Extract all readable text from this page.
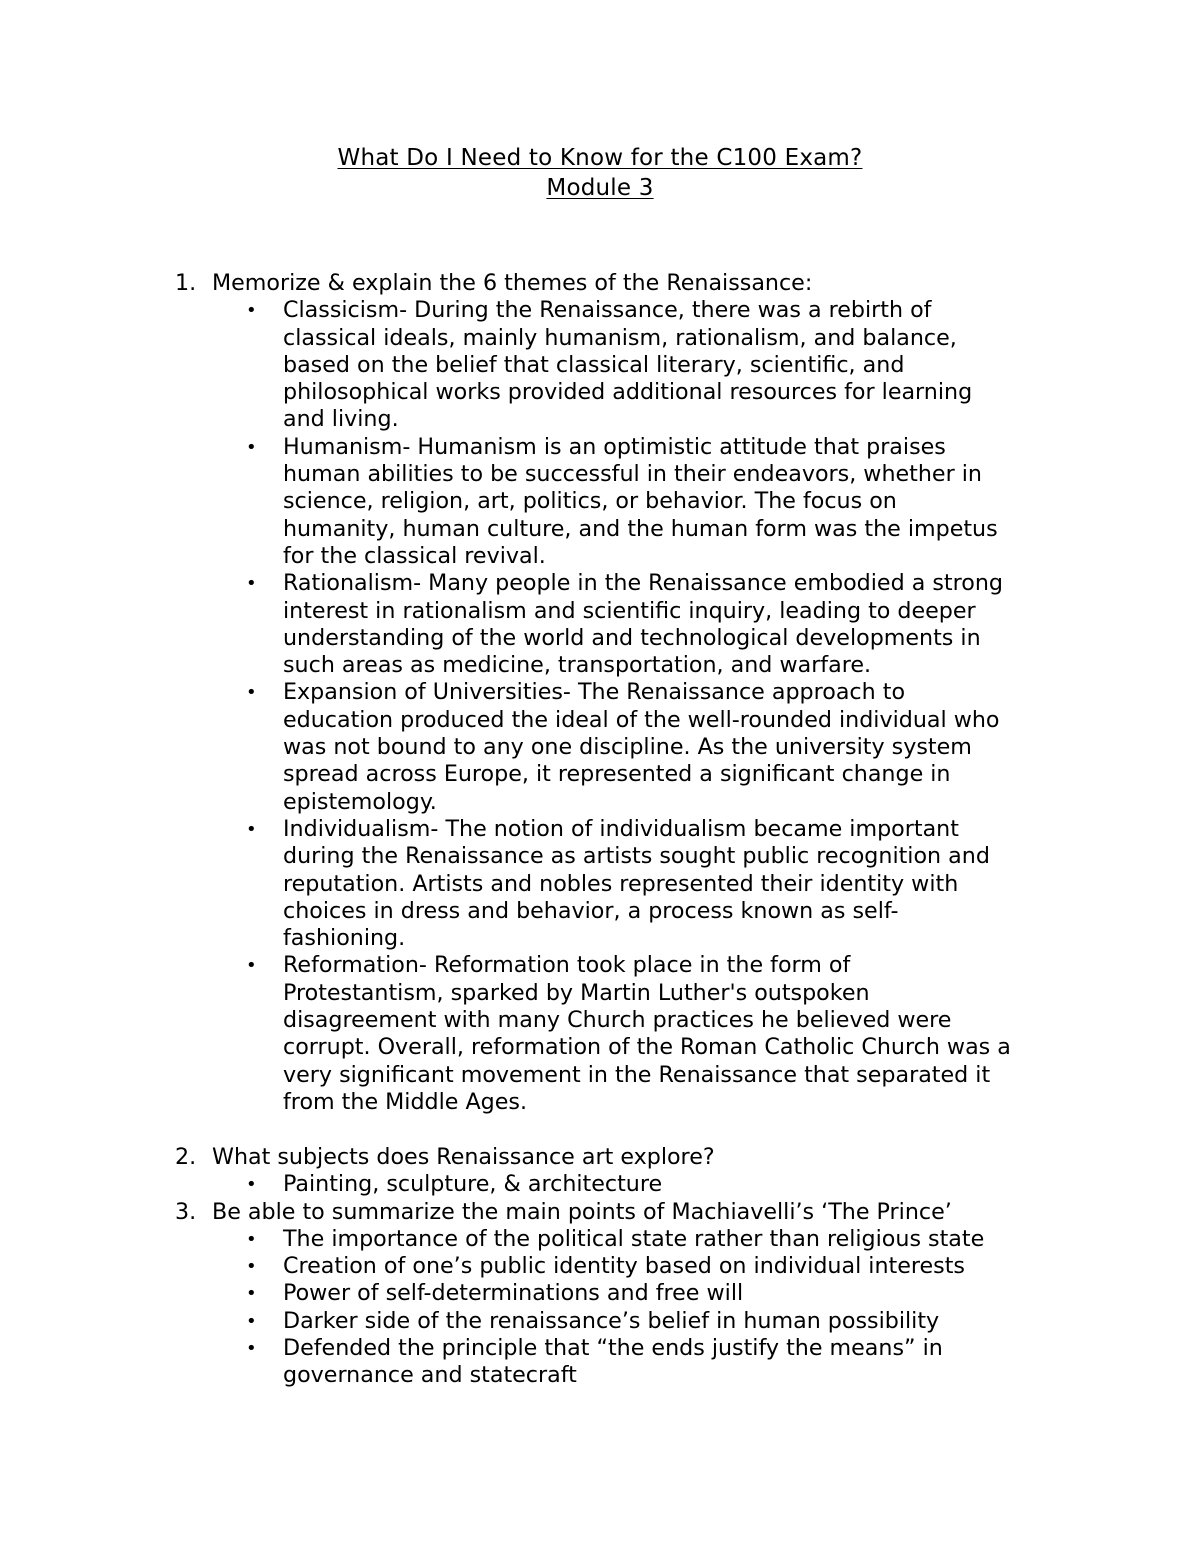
What Do I Need to Know for the C100 Exam?
Module 3
1. Memorize & explain the 6 themes of the Renaissance:
• Classicism- During the Renaissance, there was a rebirth of
classical ideals, mainly humanism, rationalism, and balance,
based on the belief that classical literary, scientific, and
philosophical works provided additional resources for learning
and living.
• Humanism- Humanism is an optimistic attitude that praises
human abilities to be successful in their endeavors, whether in
science, religion, art, politics, or behavior. The focus on
humanity, human culture, and the human form was the impetus
for the classical revival.
• Rationalism- Many people in the Renaissance embodied a strong
interest in rationalism and scientific inquiry, leading to deeper
understanding of the world and technological developments in
such areas as medicine, transportation, and warfare.
• Expansion of Universities- The Renaissance approach to
education produced the ideal of the well-rounded individual who
was not bound to any one discipline. As the university system
spread across Europe, it represented a significant change in
epistemology.
• Individualism- The notion of individualism became important
during the Renaissance as artists sought public recognition and
reputation. Artists and nobles represented their identity with
choices in dress and behavior, a process known as self-
fashioning.
• Reformation- Reformation took place in the form of
Protestantism, sparked by Martin Luther's outspoken
disagreement with many Church practices he believed were
corrupt. Overall, reformation of the Roman Catholic Church was a
very significant movement in the Renaissance that separated it
from the Middle Ages.
2. What subjects does Renaissance art explore?
• Painting, sculpture, & architecture
3. Be able to summarize the main points of Machiavelli’s ‘The Prince’
• The importance of the political state rather than religious state
• Creation of one’s public identity based on individual interests
• Power of self-determinations and free will
• Darker side of the renaissance’s belief in human possibility
• Defended the principle that “the ends justify the means” in
governance and statecraft
